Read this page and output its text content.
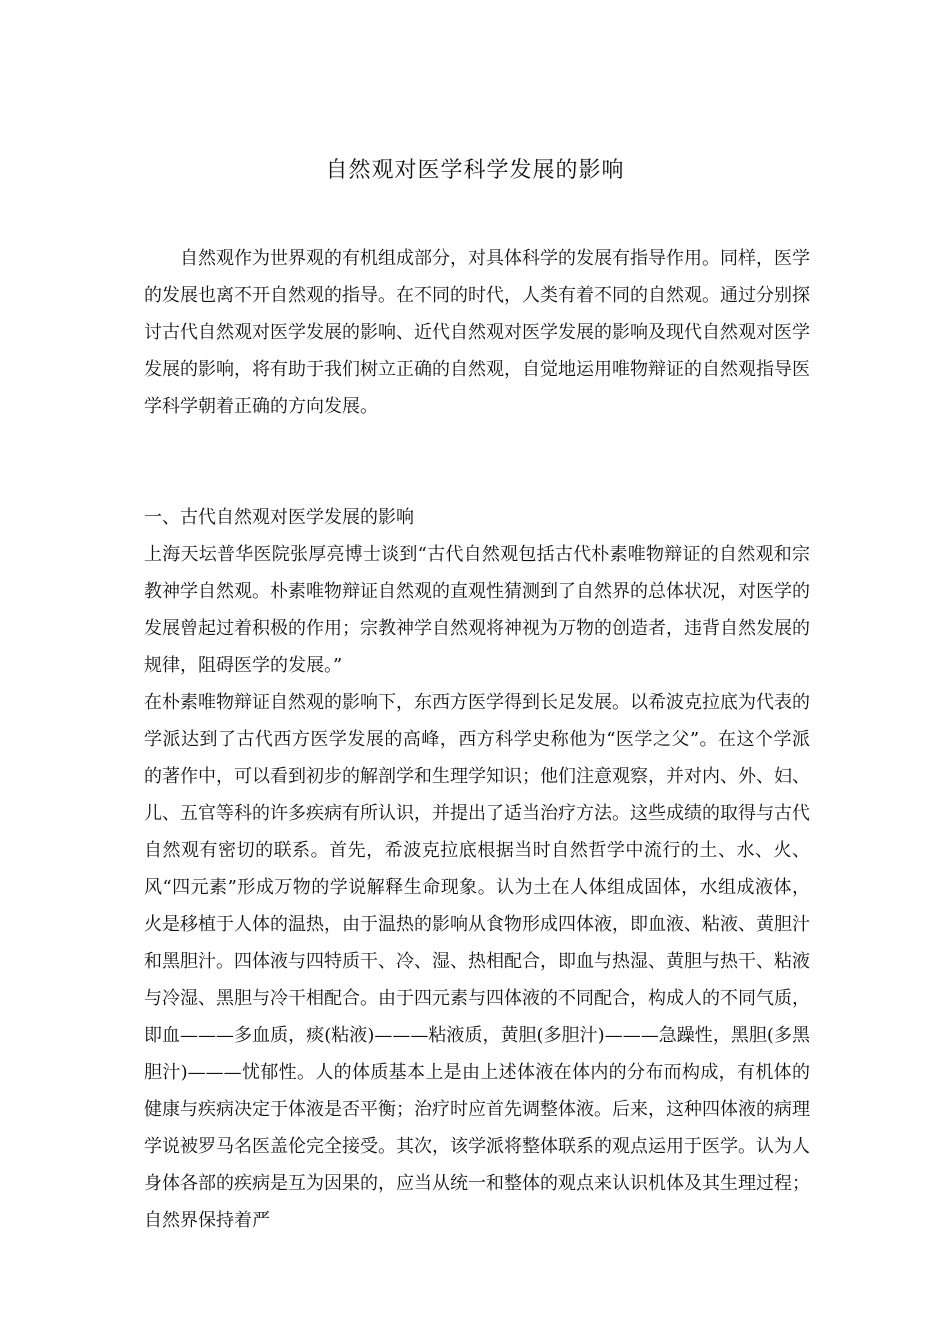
自然观对医学科学发展的影响

自然观作为世界观的有机组成部分，对具体科学的发展有指导作用。同样，医学的发展也离不开自然观的指导。在不同的时代，人类有着不同的自然观。通过分别探讨古代自然观对医学发展的影响、近代自然观对医学发展的影响及现代自然观对医学发展的影响，将有助于我们树立正确的自然观，自觉地运用唯物辩证的自然观指导医学科学朝着正确的方向发展。

一、古代自然观对医学发展的影响

上海天坛普华医院张厚亮博士谈到“古代自然观包括古代朴素唯物辩证的自然观和宗教神学自然观。朴素唯物辩证自然观的直观性猜测到了自然界的总体状况，对医学的发展曾起过着积极的作用；宗教神学自然观将神视为万物的创造者，违背自然发展的规律，阻碍医学的发展。”

在朴素唯物辩证自然观的影响下，东西方医学得到长足发展。以希波克拉底为代表的学派达到了古代西方医学发展的高峰，西方科学史称他为“医学之父”。在这个学派的著作中，可以看到初步的解剖学和生理学知识；他们注意观察，并对内、外、妇、儿、五官等科的许多疾病有所认识，并提出了适当治疗方法。这些成绩的取得与古代自然观有密切的联系。首先，希波克拉底根据当时自然哲学中流行的土、水、火、风“四元素”形成万物的学说解释生命现象。认为土在人体组成固体，水组成液体，火是移植于人体的温热，由于温热的影响从食物形成四体液，即血液、粘液、黄胆汁和黑胆汁。四体液与四特质干、冷、湿、热相配合，即血与热湿、黄胆与热干、粘液与冷湿、黑胆与冷干相配合。由于四元素与四体液的不同配合，构成人的不同气质，即血———多血质，痰(粘液)———粘液质，黄胆(多胆汁)———急躁性，黑胆(多黑胆汁)———忧郁性。人的体质基本上是由上述体液在体内的分布而构成，有机体的健康与疾病决定于体液是否平衡；治疗时应首先调整体液。后来，这种四体液的病理学说被罗马名医盖伦完全接受。其次，该学派将整体联系的观点运用于医学。认为人身体各部的疾病是互为因果的，应当从统一和整体的观点来认识机体及其生理过程；自然界保持着严
